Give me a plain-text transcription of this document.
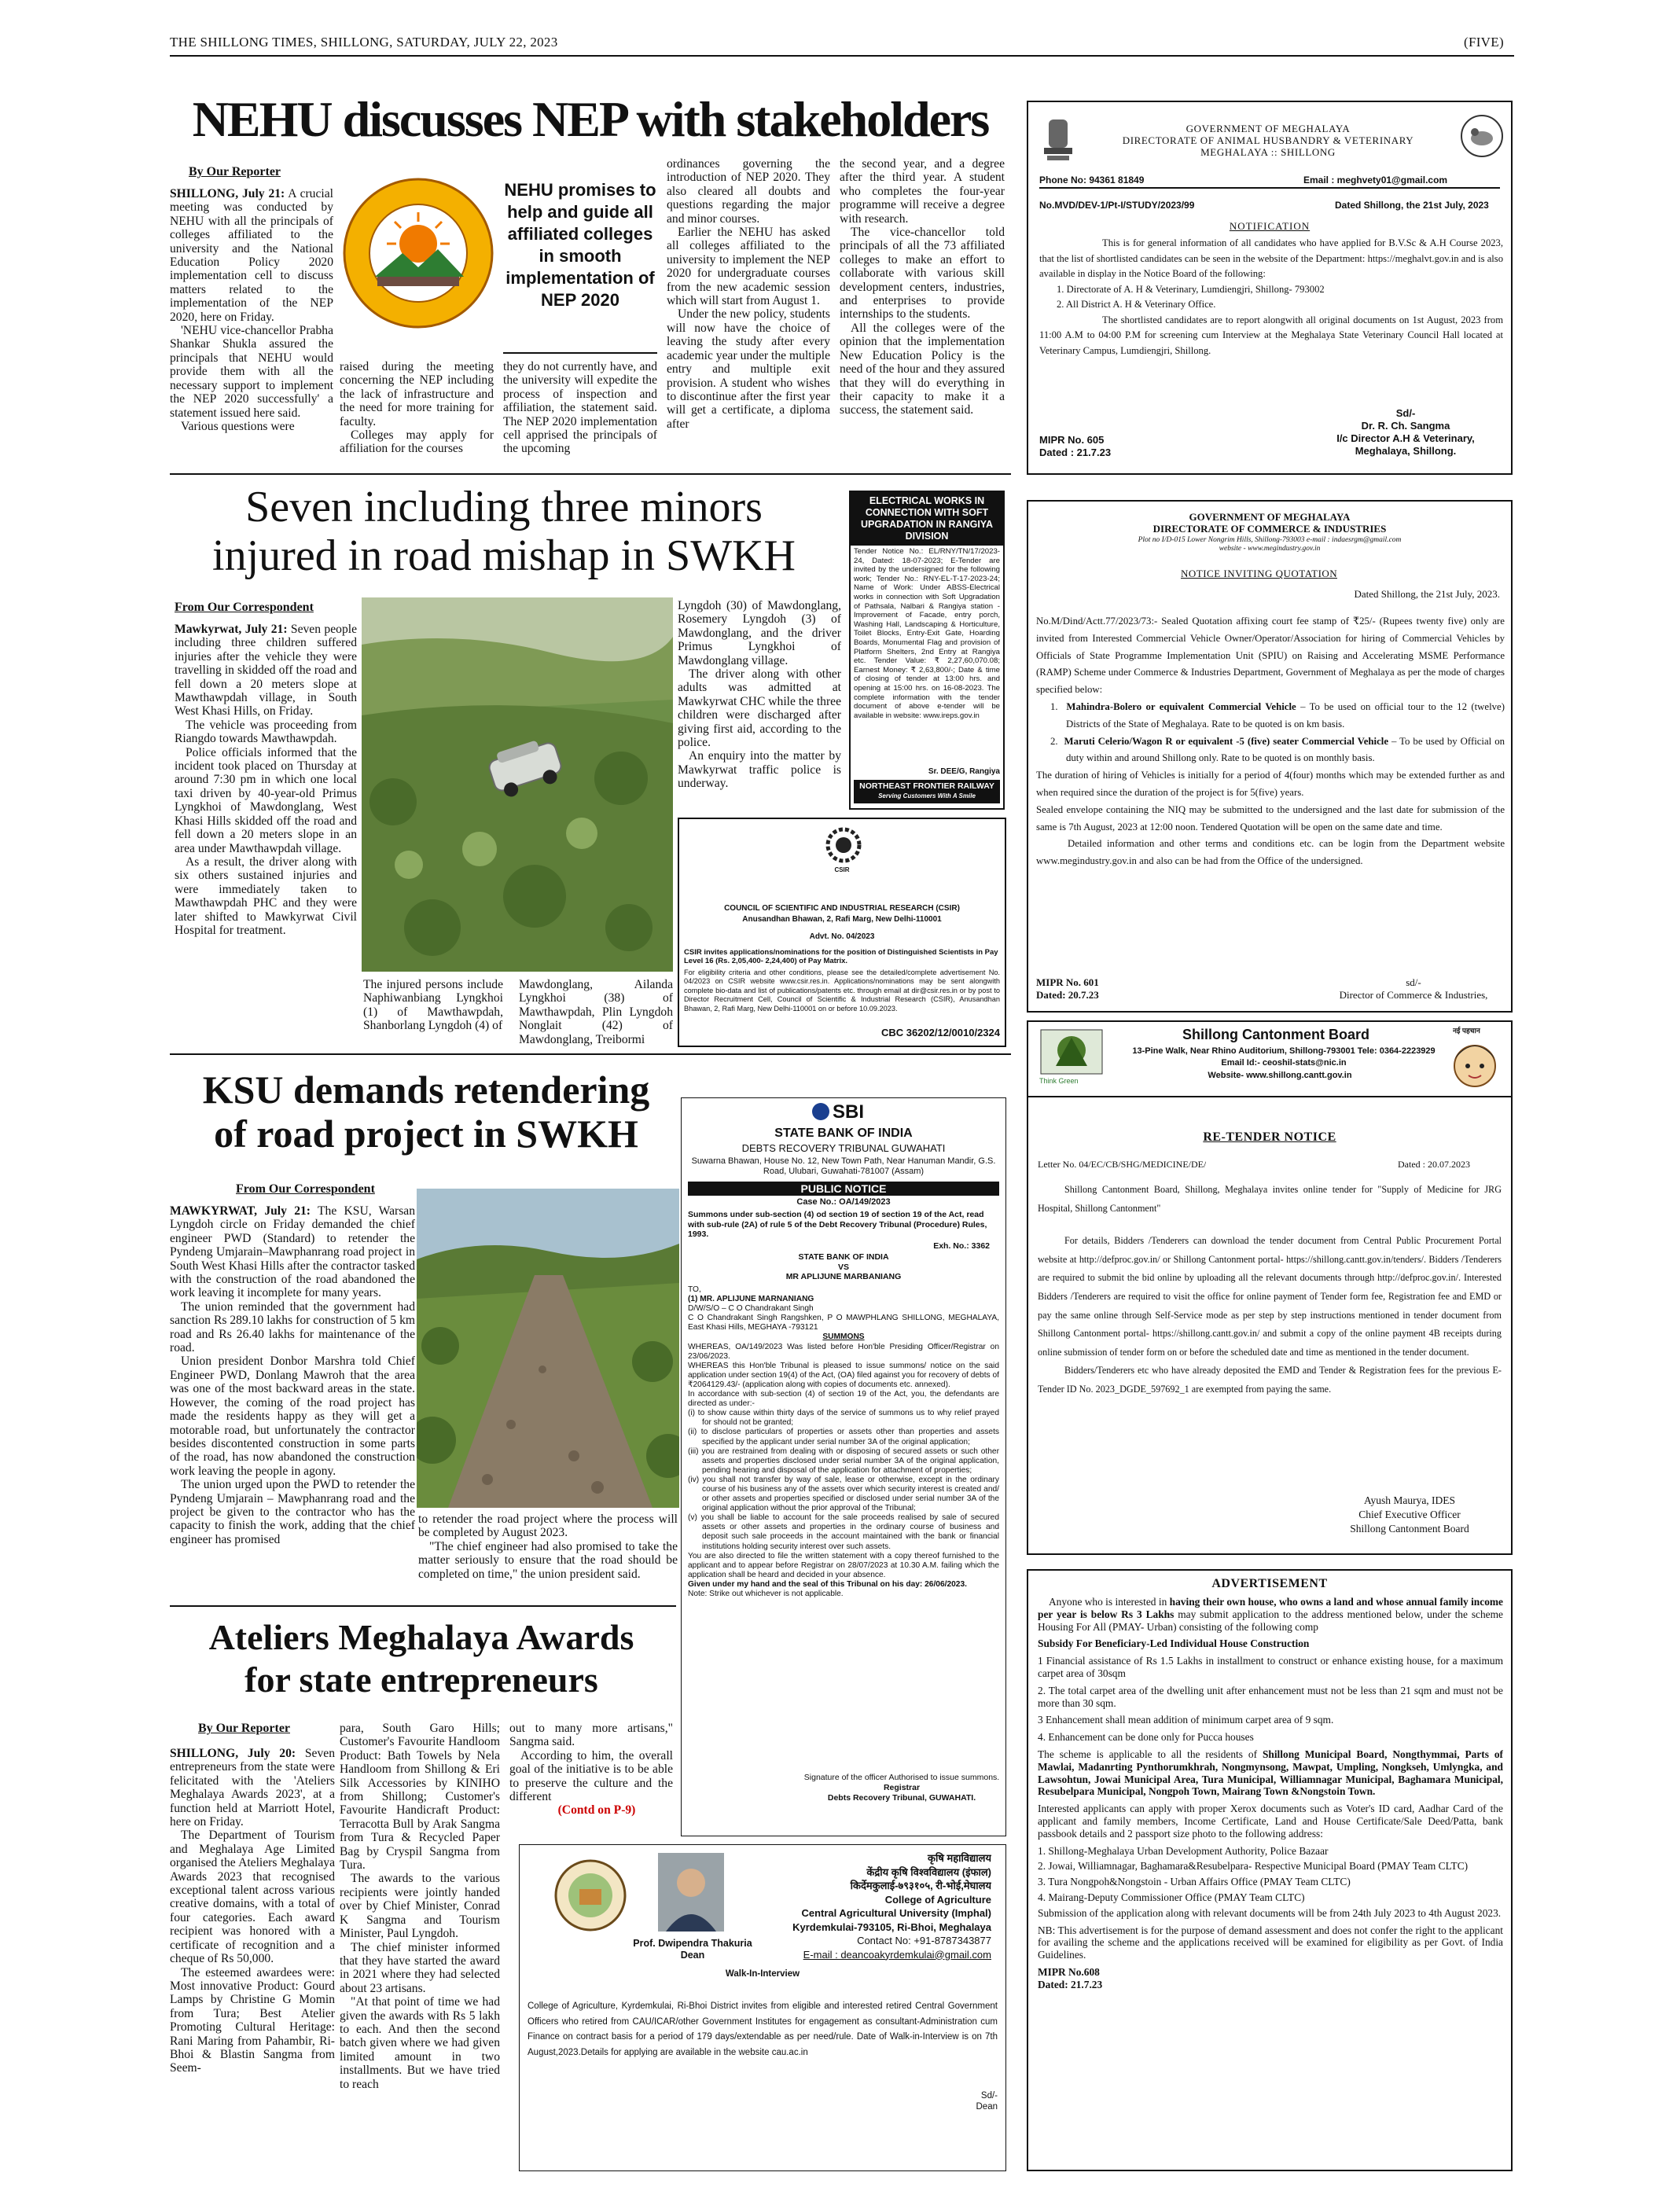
THE SHILLONG TIMES, SHILLONG, SATURDAY, JULY 22, 2023	(FIVE)
NEHU discusses NEP with stakeholders
By Our Reporter

SHILLONG, July 21: A crucial meeting was conducted by NEHU with all the principals of colleges affiliated to the university and the National Education Policy 2020 implementation cell to discuss matters related to the implementation of the NEP 2020, here on Friday.

'NEHU vice-chancellor Prabha Shankar Shukla assured the principals that NEHU would provide them with all the necessary support to implement the NEP 2020 successfully' a statement issued here said.

Various questions were

NEHU promises to help and guide all affiliated colleges in smooth implementation of NEP 2020

raised during the meeting concerning the NEP including the lack of infrastructure and the need for more training for faculty.

Colleges may apply for affiliation for the courses

they do not currently have, and the university will expedite the process of inspection and affiliation, the statement said. The NEP 2020 implementation cell apprised the principals of the upcoming

ordinances governing the introduction of NEP 2020. They also cleared all doubts and questions regarding the major and minor courses.

Earlier the NEHU has asked all colleges affiliated to the university to implement the NEP 2020 for undergraduate courses from the new academic session which will start from August 1.

Under the new policy, students will now have the choice of leaving the study after every academic year under the multiple entry and multiple exit provision. A student who wishes to discontinue after the first year will get a certificate, a diploma after

the second year, and a degree after the third year. A student who completes the four-year programme will receive a degree with research.

The vice-chancellor told principals of all the 73 affiliated colleges to make an effort to collaborate with various skill development centers, industries, and enterprises to provide internships to the students.

All the colleges were of the opinion that the implementation New Education Policy is the need of the hour and they assured that they will do everything in their capacity to make it a success, the statement said.

GOVERNMENT OF MEGHALAYA
DIRECTORATE OF ANIMAL HUSBANDRY & VETERINARY
MEGHALAYA :: SHILLONG
Phone No: 94361 81849	Email : meghvety01@gmail.com
No.MVD/DEV-1/Pt-I/STUDY/2023/99	Dated Shillong, the 21st July, 2023
NOTIFICATION

This is for general information of all candidates who have applied for B.V.Sc & A.H Course 2023, that the list of shortlisted candidates can be seen in the website of the Department: https://meghalvt.gov.in and is also available in display in the Notice Board of the following:

1. Directorate of A. H & Veterinary, Lumdiengjri, Shillong- 793002

2. All District A. H & Veterinary Office.

The shortlisted candidates are to report alongwith all original documents on 1st August, 2023 from 11:00 A.M to 04:00 P.M for screening cum Interview at the Meghalaya State Veterinary Council Hall located at Veterinary Campus, Lumdiengjri, Shillong.

Sd/-
Dr. R. Ch. Sangma
I/c Director A.H & Veterinary,
Meghalaya, Shillong.
MIPR No. 605
Dated : 21.7.23
Seven including three minors
injured in road mishap in SWKH
From Our Correspondent

Mawkyrwat, July 21: Seven people including three children suffered injuries after the vehicle they were travelling in skidded off the road and fell down a 20 meters slope at Mawthawpdah village, in South West Khasi Hills, on Friday.

The vehicle was proceeding from Riangdo towards Mawthawpdah.

Police officials informed that the incident took placed on Thursday at around 7:30 pm in which one local taxi driven by 40-year-old Primus Lyngkhoi of Mawdonglang, West Khasi Hills skidded off the road and fell down a 20 meters slope in an area under Mawthawpdah village.

As a result, the driver along with six others sustained injuries and were immediately taken to Mawthawpdah PHC and they were later shifted to Mawkyrwat Civil Hospital for treatment.

The injured persons include Naphiwanbiang Lyngkhoi (1) of Mawthawpdah, Shanborlang Lyngdoh (4) of
Mawdonglang, Ailanda Lyngkhoi (38) of Mawthawpdah, Plin Lyngdoh Nonglait (42) of Mawdonglang, Treibormi

Lyngdoh (30) of Mawdonglang, Rosemery Lyngdoh (3) of Mawdonglang, and the driver Primus Lyngkhoi of Mawdonglang village.

The driver along with other adults was admitted at Mawkyrwat CHC while the three children were discharged after giving first aid, according to the police.

An enquiry into the matter by Mawkyrwat traffic police is underway.

ELECTRICAL WORKS IN CONNECTION WITH SOFT UPGRADATION IN RANGIYA DIVISION
Tender Notice No.: EL/RNY/TN/17/2023-24, Dated: 18-07-2023; E-Tender are invited by the undersigned for the following work; Tender No.: RNY-EL-T-17-2023-24; Name of Work: Under ABSS-Electrical works in connection with Soft Upgradation of Pathsala, Nalbari & Rangiya station - Improvement of Facade, entry porch, Washing Hall, Landscaping & Horticulture, Toilet Blocks, Entry-Exit Gate, Hoarding Boards, Monumental Flag and provision of Platform Shelters, 2nd Entry at Rangiya etc. Tender Value: ₹ 2,27,60,070.08; Earnest Money: ₹ 2,63,800/-; Date & time of closing of tender at 13:00 hrs. and opening at 15:00 hrs. on 16-08-2023. The complete information with the tender document of above e-tender will be available in website: www.ireps.gov.in
Sr. DEE/G, Rangiya
NORTHEAST FRONTIER RAILWAY
Serving Customers With A Smile
CSIR
COUNCIL OF SCIENTIFIC AND INDUSTRIAL RESEARCH (CSIR)
Anusandhan Bhawan, 2, Rafi Marg, New Delhi-110001
Advt. No. 04/2023
CSIR invites applications/nominations for the position of Distinguished Scientists in Pay Level 16 (Rs. 2,05,400- 2,24,400) of Pay Matrix.
For eligibility criteria and other conditions, please see the detailed/complete advertisement No. 04/2023 on CSIR website www.csir.res.in. Applications/nominations may be sent alongwith complete bio-data and list of publications/patents etc. through email at dir@csir.res.in or by post to Director Recruitment Cell, Council of Scientific & Industrial Research (CSIR), Anusandhan Bhawan, 2, Rafi Marg, New Delhi-110001 on or before 10.09.2023.
CBC 36202/12/0010/2324
GOVERNMENT OF MEGHALAYA
DIRECTORATE OF COMMERCE & INDUSTRIES
Plot no I/D-015 Lower Nongrim Hills, Shillong-793003 e-mail : indaesrgm@gmail.com
website - www.megindustry.gov.in
NOTICE INVITING QUOTATION
Dated Shillong, the 21st July, 2023.

No.M/Dind/Actt.77/2023/73:- Sealed Quotation affixing court fee stamp of ₹25/- (Rupees twenty five) only are invited from Interested Commercial Vehicle Owner/Operator/Association for hiring of Commercial Vehicles by Officials of State Programme Implementation Unit (SPIU) on Raising and Accelerating MSME Performance (RAMP) Scheme under Commerce & Industries Department, Government of Meghalaya as per the mode of charges specified below:

1.  Mahindra-Bolero or equivalent Commercial Vehicle – To be used on official tour to the 12 (twelve) Districts of the State of Meghalaya. Rate to be quoted is on km basis.

2.  Maruti Celerio/Wagon R or equivalent -5 (five) seater Commercial Vehicle – To be used by Official on duty within and around Shillong only. Rate to be quoted is on monthly basis.

The duration of hiring of Vehicles is initially for a period of 4(four) months which may be extended further as and when required since the duration of the project is for 5(five) years.

Sealed envelope containing the NIQ may be submitted to the undersigned and the last date for submission of the same is 7th August, 2023 at 12:00 noon. Tendered Quotation will be open on the same date and time.

Detailed information and other terms and conditions etc. can be login from the Department website www.megindustry.gov.in and also can be had from the Office of the undersigned.

MIPR No. 601
Dated: 20.7.23
sd/-
Director of Commerce & Industries,
KSU demands retendering
of road project in SWKH
From Our Correspondent

MAWKYRWAT, July 21: The KSU, Warsan Lyngdoh circle on Friday demanded the chief engineer PWD (Standard) to retender the Pyndeng Umjarain–Mawphanrang road project in South West Khasi Hills after the contractor tasked with the construction of the road abandoned the work leaving it incomplete for many years.

The union reminded that the government had sanction Rs 289.10 lakhs for construction of 5 km road and Rs 26.40 lakhs for maintenance of the road.

Union president Donbor Marshra told Chief Engineer PWD, Donlang Mawroh that the area was one of the most backward areas in the state. However, the coming of the road project has made the residents happy as they will get a motorable road, but unfortunately the contractor besides discontented construction in some parts of the road, has now abandoned the construction work leaving the people in agony.

The union urged upon the PWD to retender the Pyndeng Umjarain – Mawphanrang road and the project be given to the contractor who has the capacity to finish the work, adding that the chief engineer has promised

to retender the road project where the process will be completed by August 2023.

"The chief engineer had also promised to take the matter seriously to ensure that the road should be completed on time," the union president said.

SBI
STATE BANK OF INDIA
DEBTS RECOVERY TRIBUNAL GUWAHATI
Suwarna Bhawan, House No. 12, New Town Path, Near Hanuman Mandir, G.S. Road, Ulubari, Guwahati-781007 (Assam)
PUBLIC NOTICE
Case No.: OA/149/2023
Summons under sub-section (4) od section 19 of section 19 of the Act, read with sub-rule (2A) of rule 5 of the Debt Recovery Tribunal (Procedure) Rules, 1993.
Exh. No.: 3362
STATE BANK OF INDIA
VS
MR APLIJUNE MARBANIANG

TO,

(1) MR. APLIJUNE MARNANIANG

D/W/S/O – C O Chandrakant Singh

C O Chandrakant Singh Rangshken, P O MAWPHLANG SHILLONG, MEGHALAYA, East Khasi Hills, MEGHAYA -793121

SUMMONS

WHEREAS, OA/149/2023 Was listed before Hon'ble Presiding Officer/Registrar on 23/06/2023.

WHEREAS this Hon'ble Tribunal is pleased to issue summons/ notice on the said application under section 19(4) of the Act, (OA) filed against you for recovery of debts of ₹2064129.43/- (application along with copies of documents etc. annexed).

In accordance with sub-section (4) of section 19 of the Act, you, the defendants are directed as under:-

(i) to show cause within thirty days of the service of summons us to why relief prayed for should not be granted;

(ii) to disclose particulars of properties or assets other than properties and assets specified by the applicant under serial number 3A of the original application;

(iii) you are restrained from dealing with or disposing of secured assets or such other assets and properties disclosed under serial number 3A of the original application, pending hearing and disposal of the application for attachment of properties;

(iv) you shall not transfer by way of sale, lease or otherwise, except in the ordinary course of his business any of the assets over which security interest is created and/ or other assets and properties specified or disclosed under serial number 3A of the original application without the prior approval of the Tribunal;

(v) you shall be liable to account for the sale proceeds realised by sale of secured assets or other assets and properties in the ordinary course of business and deposit such sale proceeds in the account maintained with the bank or financial institutions holding security interest over such assets.

You are also directed to file the written statement with a copy thereof furnished to the applicant and to appear before Registrar on 28/07/2023 at 10.30 A.M. failing which the application shall be heard and decided in your absence.

Given under my hand and the seal of this Tribunal on his day: 26/06/2023.

Note: Strike out whichever is not applicable.

Signature of the officer Authorised to issue summons.
Registrar
Debts Recovery Tribunal, GUWAHATI.
Ateliers Meghalaya Awards
for state entrepreneurs
By Our Reporter

SHILLONG, July 20: Seven entrepreneurs from the state were felicitated with the 'Ateliers Meghalaya Awards 2023', at a function held at Marriott Hotel, here on Friday.

The Department of Tourism and Meghalaya Age Limited organised the Ateliers Meghalaya Awards 2023 that recognised exceptional talent across various creative domains, with a total of four categories. Each award recipient was honored with a certificate of recognition and a cheque of Rs 50,000.

The esteemed awardees were: Most innovative Product: Gourd Lamps by Christine G Momin from Tura; Best Atelier Promoting Cultural Heritage: Rani Maring from Pahambir, Ri-Bhoi & Blastin Sangma from Seem-

para, South Garo Hills; Customer's Favourite Handloom Product: Bath Towels by Nela Handloom from Shillong & Eri Silk Accessories by KINIHO from Shillong; Customer's Favourite Handicraft Product: Terracotta Bull by Arak Sangma from Tura & Recycled Paper Bag by Cryspil Sangma from Tura.

The awards to the various recipients were jointly handed over by Chief Minister, Conrad K Sangma and Tourism Minister, Paul Lyngdoh.

The chief minister informed that they have started the award in 2021 where they had selected about 23 artisans.

"At that point of time we had given the awards with Rs 5 lakh to each. And then the second batch given where we had given limited amount in two installments. But we have tried to reach

out to many more artisans," Sangma said.

According to him, the overall goal of the initiative is to be able to preserve the culture and the different

(Contd on P-9)

Prof. Dwipendra Thakuria
Dean
कृषि महाविद्यालय
केंद्रीय कृषि विश्वविद्यालय (इंफाल)
किर्देमकुलाई-७९३१०५, री-भोई,मेघालय
College of Agriculture
Central Agricultural University (Imphal)
Kyrdemkulai-793105, Ri-Bhoi, Meghalaya
Contact No: +91-8787343877
E-mail : deancoakyrdemkulai@gmail.com
Walk-In-Interview
College of Agriculture, Kyrdemkulai, Ri-Bhoi District invites from eligible and interested retired Central Government Officers who retired from CAU/ICAR/other Government Institutes for engagement as consultant-Administration cum Finance on contract basis for a period of 179 days/extendable as per need/rule. Date of Walk-in-Interview is on 7th August,2023.Details for applying are available in the website cau.ac.in
Sd/-
Dean
Think Green
नई पहचान
Shillong Cantonment Board
13-Pine Walk, Near Rhino Auditorium, Shillong-793001 Tele: 0364-2223929 Email Id:- ceoshil-stats@nic.in
Website- www.shillong.cantt.gov.in
RE-TENDER NOTICE
Letter No. 04/EC/CB/SHG/MEDICINE/DE/	Dated : 20.07.2023

Shillong Cantonment Board, Shillong, Meghalaya invites online tender for "Supply of Medicine for JRG Hospital, Shillong Cantonment"

For details, Bidders /Tenderers can download the tender document from Central Public Procurement Portal website at http://defproc.gov.in/ or Shillong Cantonment portal- https://shillong.cantt.gov.in/tenders/. Bidders /Tenderers are required to submit the bid online by uploading all the relevant documents through http://defproc.gov.in/. Interested Bidders /Tenderers are required to visit the office for online payment of Tender form fee, Registration fee and EMD or pay the same online through Self-Service mode as per step by step instructions mentioned in tender document from Shillong Cantonment portal- https://shillong.cantt.gov.in/ and submit a copy of the online payment 4B receipts during online submission of tender form on or before the scheduled date and time as mentioned in the tender document.

Bidders/Tenderers etc who have already deposited the EMD and Tender & Registration fees for the previous E-Tender ID No. 2023_DGDE_597692_1 are exempted from paying the same.

Ayush Maurya, IDES
Chief Executive Officer
Shillong Cantonment Board
ADVERTISEMENT

Anyone who is interested in having their own house, who owns a land and whose annual family income per year is below Rs 3 Lakhs may submit application to the address mentioned below, under the scheme Housing For All (PMAY- Urban) consisting of the following comp

Subsidy For Beneficiary-Led Individual House Construction

1 Financial assistance of Rs 1.5 Lakhs in installment to construct or enhance existing house, for a maximum carpet area of 30sqm

2. The total carpet area of the dwelling unit after enhancement must not be less than 21 sqm and must not be more than 30 sqm.

3 Enhancement shall mean addition of minimum carpet area of 9 sqm.

4. Enhancement can be done only for Pucca houses

The scheme is applicable to all the residents of Shillong Municipal Board, Nongthymmai, Parts of Mawlai, Madanrting Pynthorumkhrah, Nongmynsong, Mawpat, Umpling, Nongkseh, Umlyngka, and Lawsohtun, Jowai Municipal Area, Tura Municipal, Williamnagar Municipal, Baghamara Municipal, Resubelpara Municipal, Nongpoh Town, Mairang Town &Nongstoin Town.

Interested applicants can apply with proper Xerox documents such as Voter's ID card, Aadhar Card of the applicant and family members, Income Certificate, Land and House Certificate/Sale Deed/Patta, bank passbook details and 2 passport size photo to the following address:

1. Shillong-Meghalaya Urban Development Authority, Police Bazaar

2. Jowai, Williamnagar, Baghamara&Resubelpara- Respective Municipal Board (PMAY Team CLTC)

3. Tura Nongpoh&Nongstoin - Urban Affairs Office (PMAY Team CLTC)

4. Mairang-Deputy Commissioner Office (PMAY Team CLTC)

Submission of the application along with relevant documents will be from 24th July 2023 to 4th August 2023.

NB: This advertisement is for the purpose of demand assessment and does not confer the right to the applicant for availing the scheme and the applications received will be examined for eligibility as per Govt. of India Guidelines.

MIPR No.608

Dated: 21.7.23
